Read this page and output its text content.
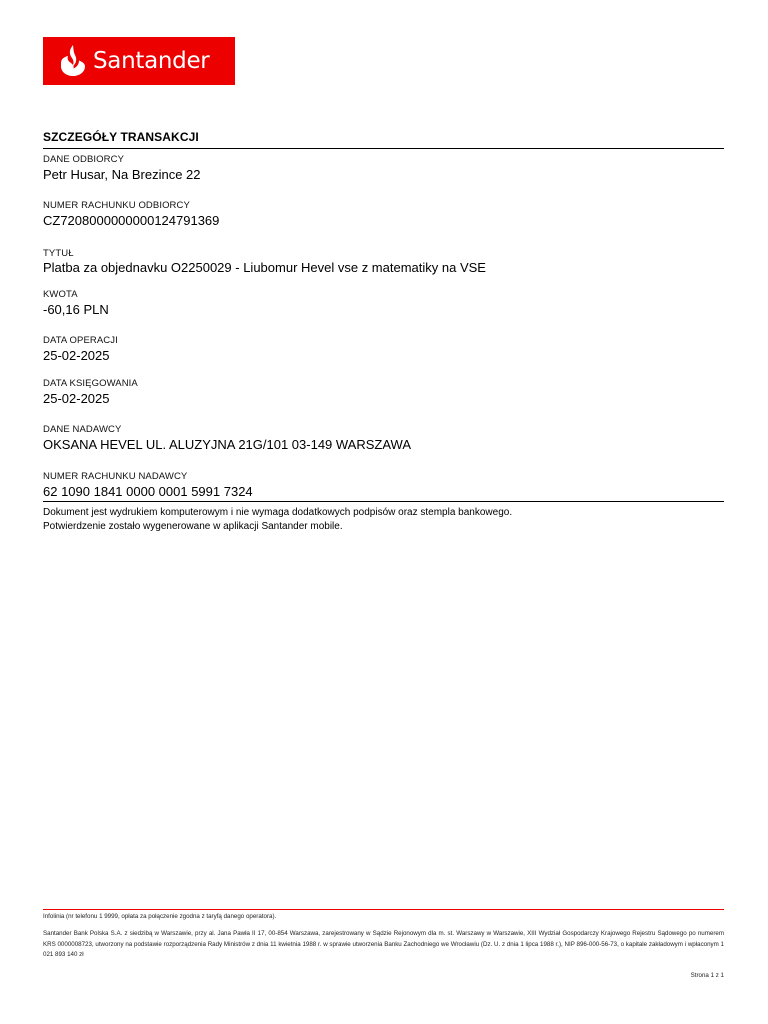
Santander
SZCZEGÓŁY TRANSAKCJI
DANE ODBIORCY
Petr Husar, Na Brezince 22
NUMER RACHUNKU ODBIORCY
CZ7208000000000124791369
TYTUŁ
Platba za objednavku O2250029 - Liubomur Hevel vse z matematiky na VSE
KWOTA
-60,16 PLN
DATA OPERACJI
25-02-2025
DATA KSIĘGOWANIA
25-02-2025
DANE NADAWCY
OKSANA HEVEL UL. ALUZYJNA 21G/101 03-149 WARSZAWA
NUMER RACHUNKU NADAWCY
62 1090 1841 0000 0001 5991 7324
Dokument jest wydrukiem komputerowym i nie wymaga dodatkowych podpisów oraz stempla bankowego.
Potwierdzenie zostało wygenerowane w aplikacji Santander mobile.
Infolinia (nr telefonu 1 9999, opłata za połączenie zgodna z taryfą danego operatora).
Santander Bank Polska S.A. z siedzibą w Warszawie, przy al. Jana Pawła II 17, 00-854 Warszawa, zarejestrowany w Sądzie Rejonowym dla m. st. Warszawy w Warszawie, XIII Wydział Gospodarczy Krajowego Rejestru Sądowego po numerem KRS 0000008723, utworzony na podstawie rozporządzenia Rady Ministrów z dnia 11 kwietnia 1988 r. w sprawie utworzenia Banku Zachodniego we Wrocławiu (Dz. U. z dnia 1 lipca 1988 r.), NIP 896-000-56-73, o kapitale zakładowym i wpłaconym 1 021 893 140 zł
Strona 1 z 1
